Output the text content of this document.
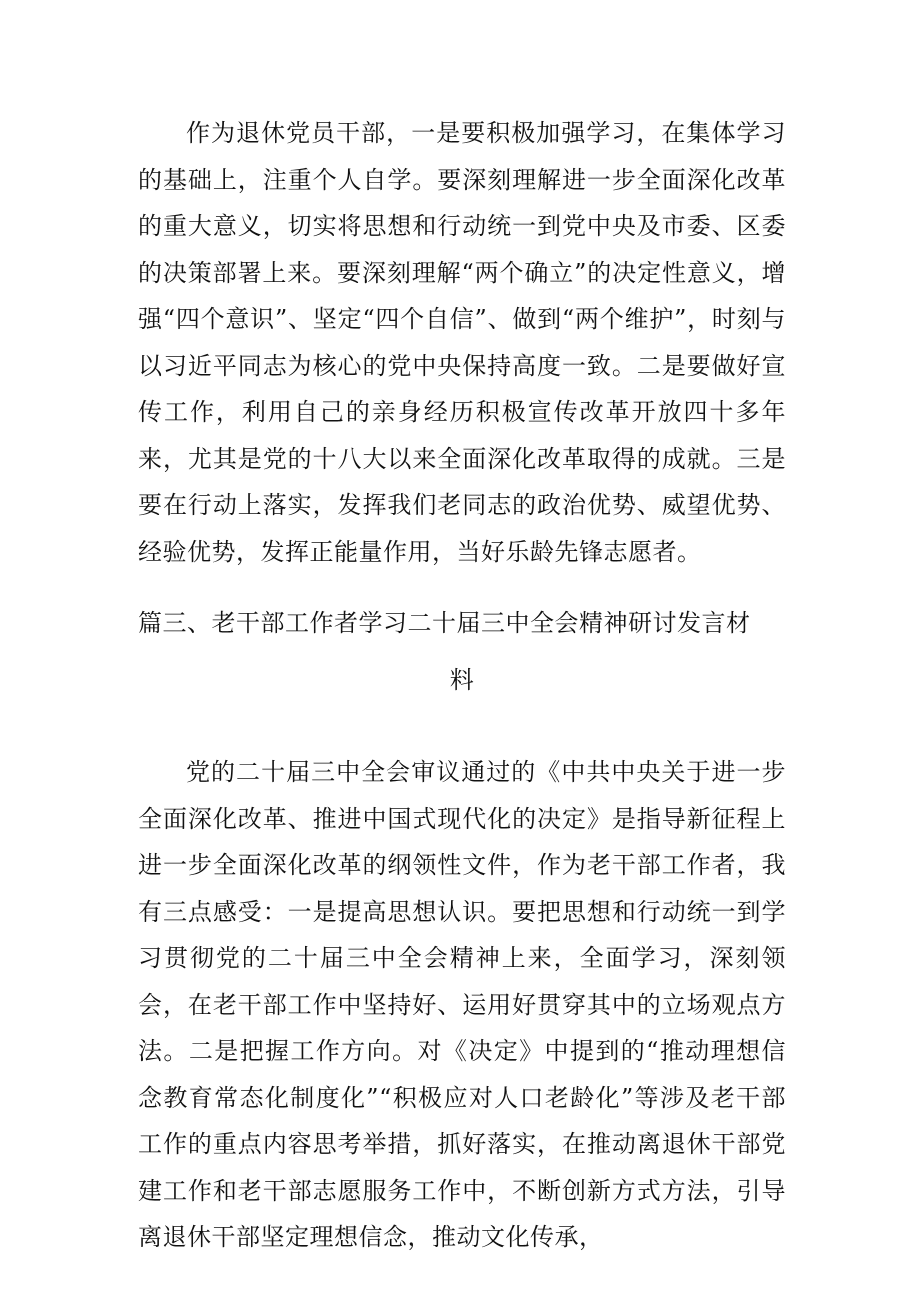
作为退休党员干部，一是要积极加强学习，在集体学习的基础上，注重个人自学。要深刻理解进一步全面深化改革的重大意义，切实将思想和行动统一到党中央及市委、区委的决策部署上来。要深刻理解“两个确立”的决定性意义，增强“四个意识”、坚定“四个自信”、做到“两个维护”，时刻与以习近平同志为核心的党中央保持高度一致。二是要做好宣传工作，利用自己的亲身经历积极宣传改革开放四十多年来，尤其是党的十八大以来全面深化改革取得的成就。三是要在行动上落实，发挥我们老同志的政治优势、威望优势、经验优势，发挥正能量作用，当好乐龄先锋志愿者。

篇三、老干部工作者学习二十届三中全会精神研讨发言材
料

党的二十届三中全会审议通过的《中共中央关于进一步全面深化改革、推进中国式现代化的决定》是指导新征程上进一步全面深化改革的纲领性文件，作为老干部工作者，我有三点感受：一是提高思想认识。要把思想和行动统一到学习贯彻党的二十届三中全会精神上来，全面学习，深刻领会，在老干部工作中坚持好、运用好贯穿其中的立场观点方法。二是把握工作方向。对《决定》中提到的“推动理想信念教育常态化制度化”“积极应对人口老龄化”等涉及老干部工作的重点内容思考举措，抓好落实，在推动离退休干部党建工作和老干部志愿服务工作中，不断创新方式方法，引导离退休干部坚定理想信念，推动文化传承，
